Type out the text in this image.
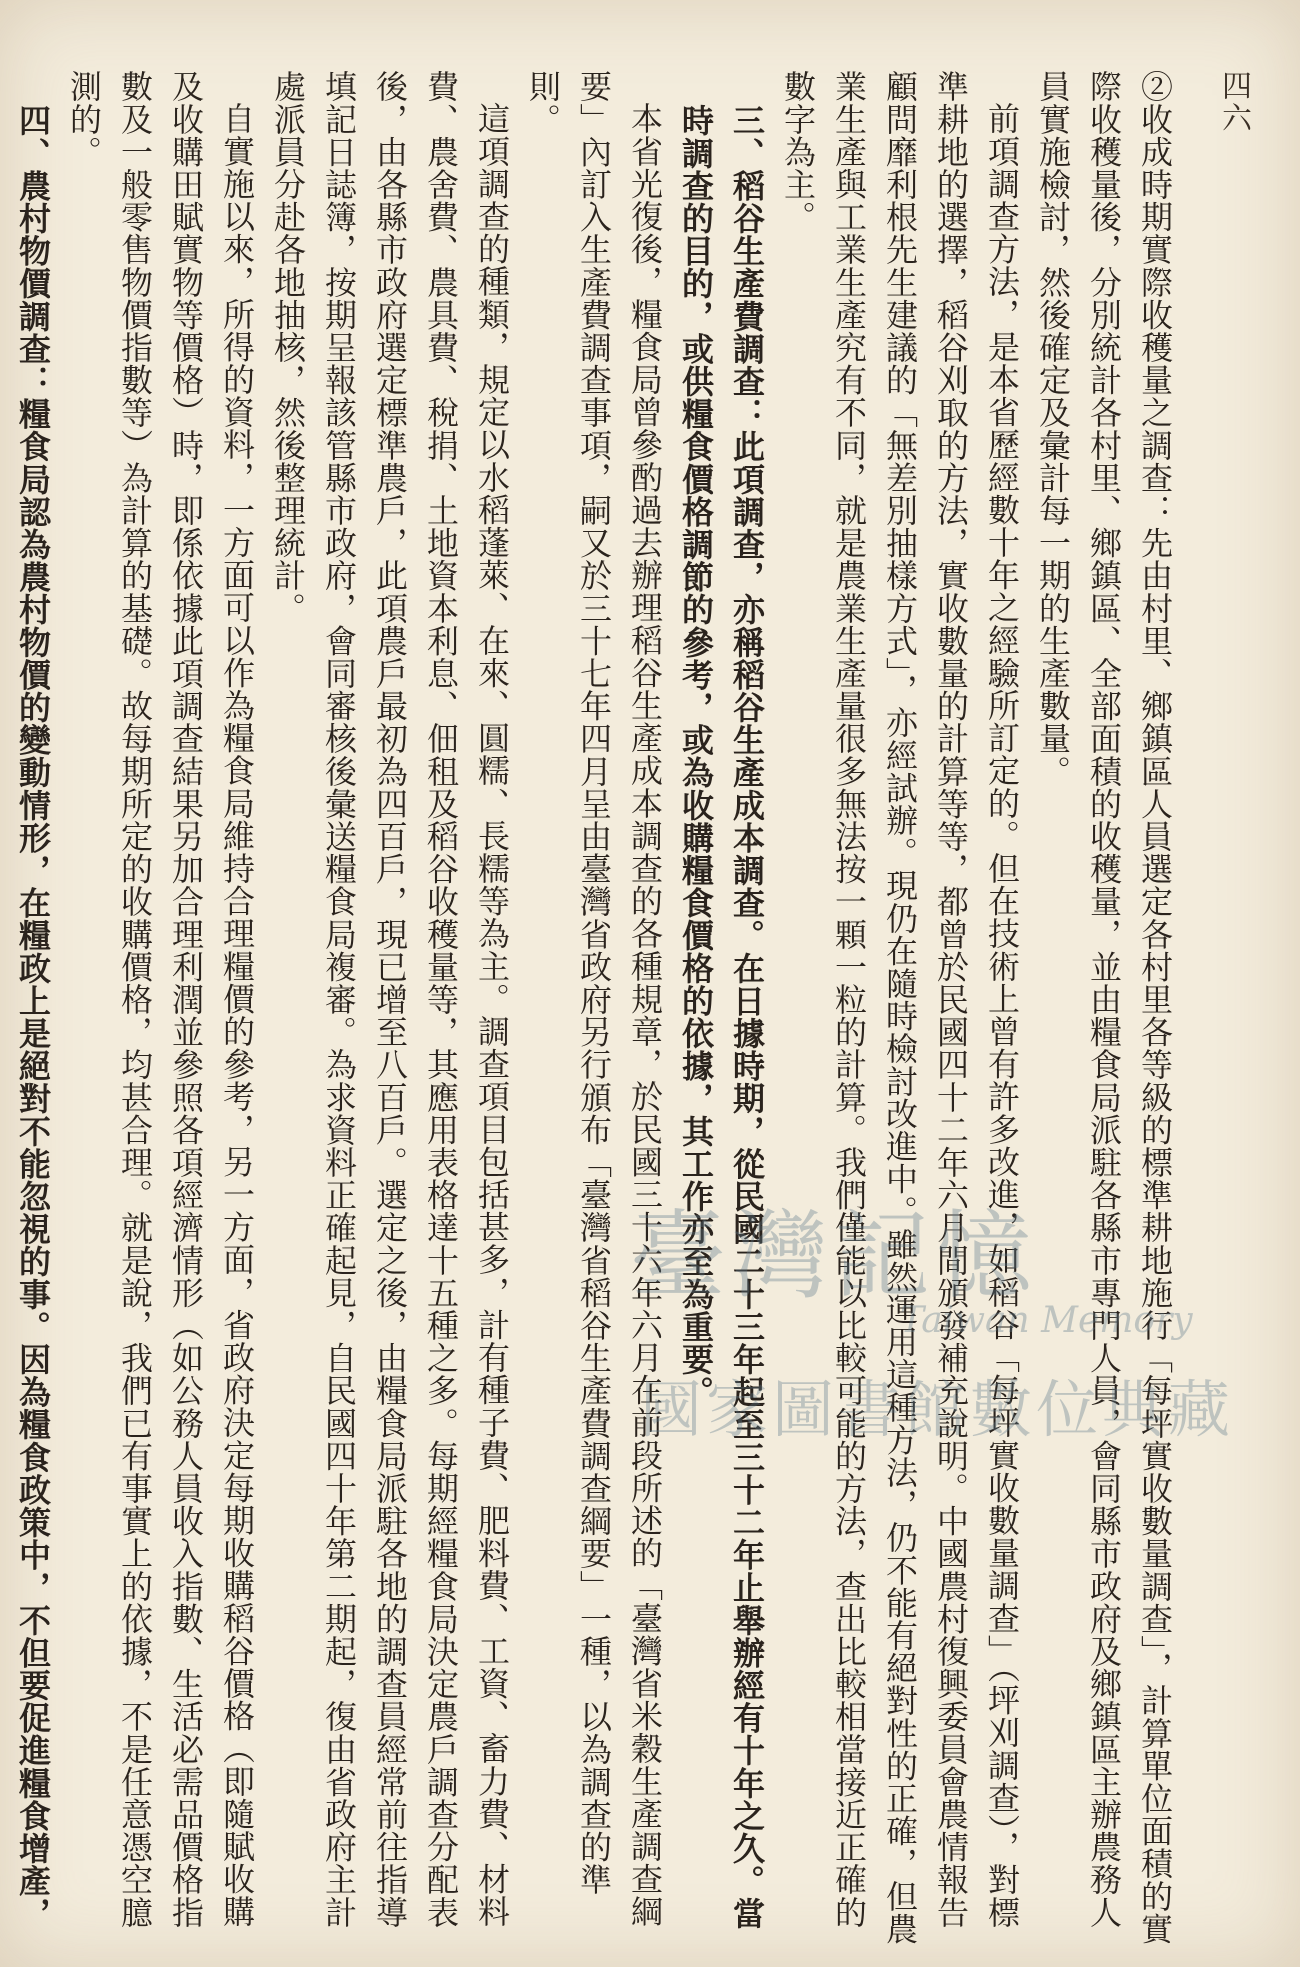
四六

②收成時期實際收穫量之調查：先由村里、鄉鎮區人員選定各村里各等級的標準耕地施行「每坪實收數量調查」，計算單位面積的實際收穫量後，分別統計各村里、鄉鎮區、全部面積的收穫量，並由糧食局派駐各縣市專門人員，會同縣市政府及鄉鎮區主辦農務人員實施檢討，然後確定及彙計每一期的生產數量。

前項調查方法，是本省歷經數十年之經驗所訂定的。但在技術上曾有許多改進，如稻谷「每坪實收數量調查」（坪刈調查），對標準耕地的選擇，稻谷刈取的方法，實收數量的計算等等，都曾於民國四十二年六月間頒發補充說明。中國農村復興委員會農情報告顧問靡利根先生建議的「無差別抽樣方式」，亦經試辦。現仍在隨時檢討改進中。雖然運用這種方法，仍不能有絕對性的正確，但農業生產與工業生產究有不同，就是農業生產量很多無法按一顆一粒的計算。我們僅能以比較可能的方法，查出比較相當接近正確的數字為主。

三、稻谷生產費調查：此項調查，亦稱稻谷生產成本調查。在日據時期，從民國二十三年起至三十二年止舉辦經有十年之久。當時調查的目的，或供糧食價格調節的參考，或為收購糧食價格的依據，其工作亦至為重要。

本省光復後，糧食局曾參酌過去辦理稻谷生產成本調查的各種規章，於民國三十六年六月在前段所述的「臺灣省米穀生產調查綱要」內訂入生產費調查事項，嗣又於三十七年四月呈由臺灣省政府另行頒布「臺灣省稻谷生產費調查綱要」一種，以為調查的準則。

這項調查的種類，規定以水稻蓬萊、在來、圓糯、長糯等為主。調查項目包括甚多，計有種子費、肥料費、工資、畜力費、材料費、農舍費、農具費、稅捐、土地資本利息、佃租及稻谷收穫量等，其應用表格達十五種之多。每期經糧食局決定農戶調查分配表後，由各縣市政府選定標準農戶，此項農戶最初為四百戶，現已增至八百戶。選定之後，由糧食局派駐各地的調查員經常前往指導填記日誌簿，按期呈報該管縣市政府，會同審核後彙送糧食局複審。為求資料正確起見，自民國四十年第二期起，復由省政府主計處派員分赴各地抽核，然後整理統計。

自實施以來，所得的資料，一方面可以作為糧食局維持合理糧價的參考，另一方面，省政府決定每期收購稻谷價格（即隨賦收購及收購田賦實物等價格）時，即係依據此項調查結果另加合理利潤並參照各項經濟情形（如公務人員收入指數、生活必需品價格指數及一般零售物價指數等）為計算的基礎。故每期所定的收購價格，均甚合理。就是說，我們已有事實上的依據，不是任意憑空臆測的。

四、農村物價調查：糧食局認為農村物價的變動情形，在糧政上是絕對不能忽視的事。因為糧食政策中，不但要促進糧食增產，

臺灣記憶
Taiwan Memory
國家圖書館數位典藏
